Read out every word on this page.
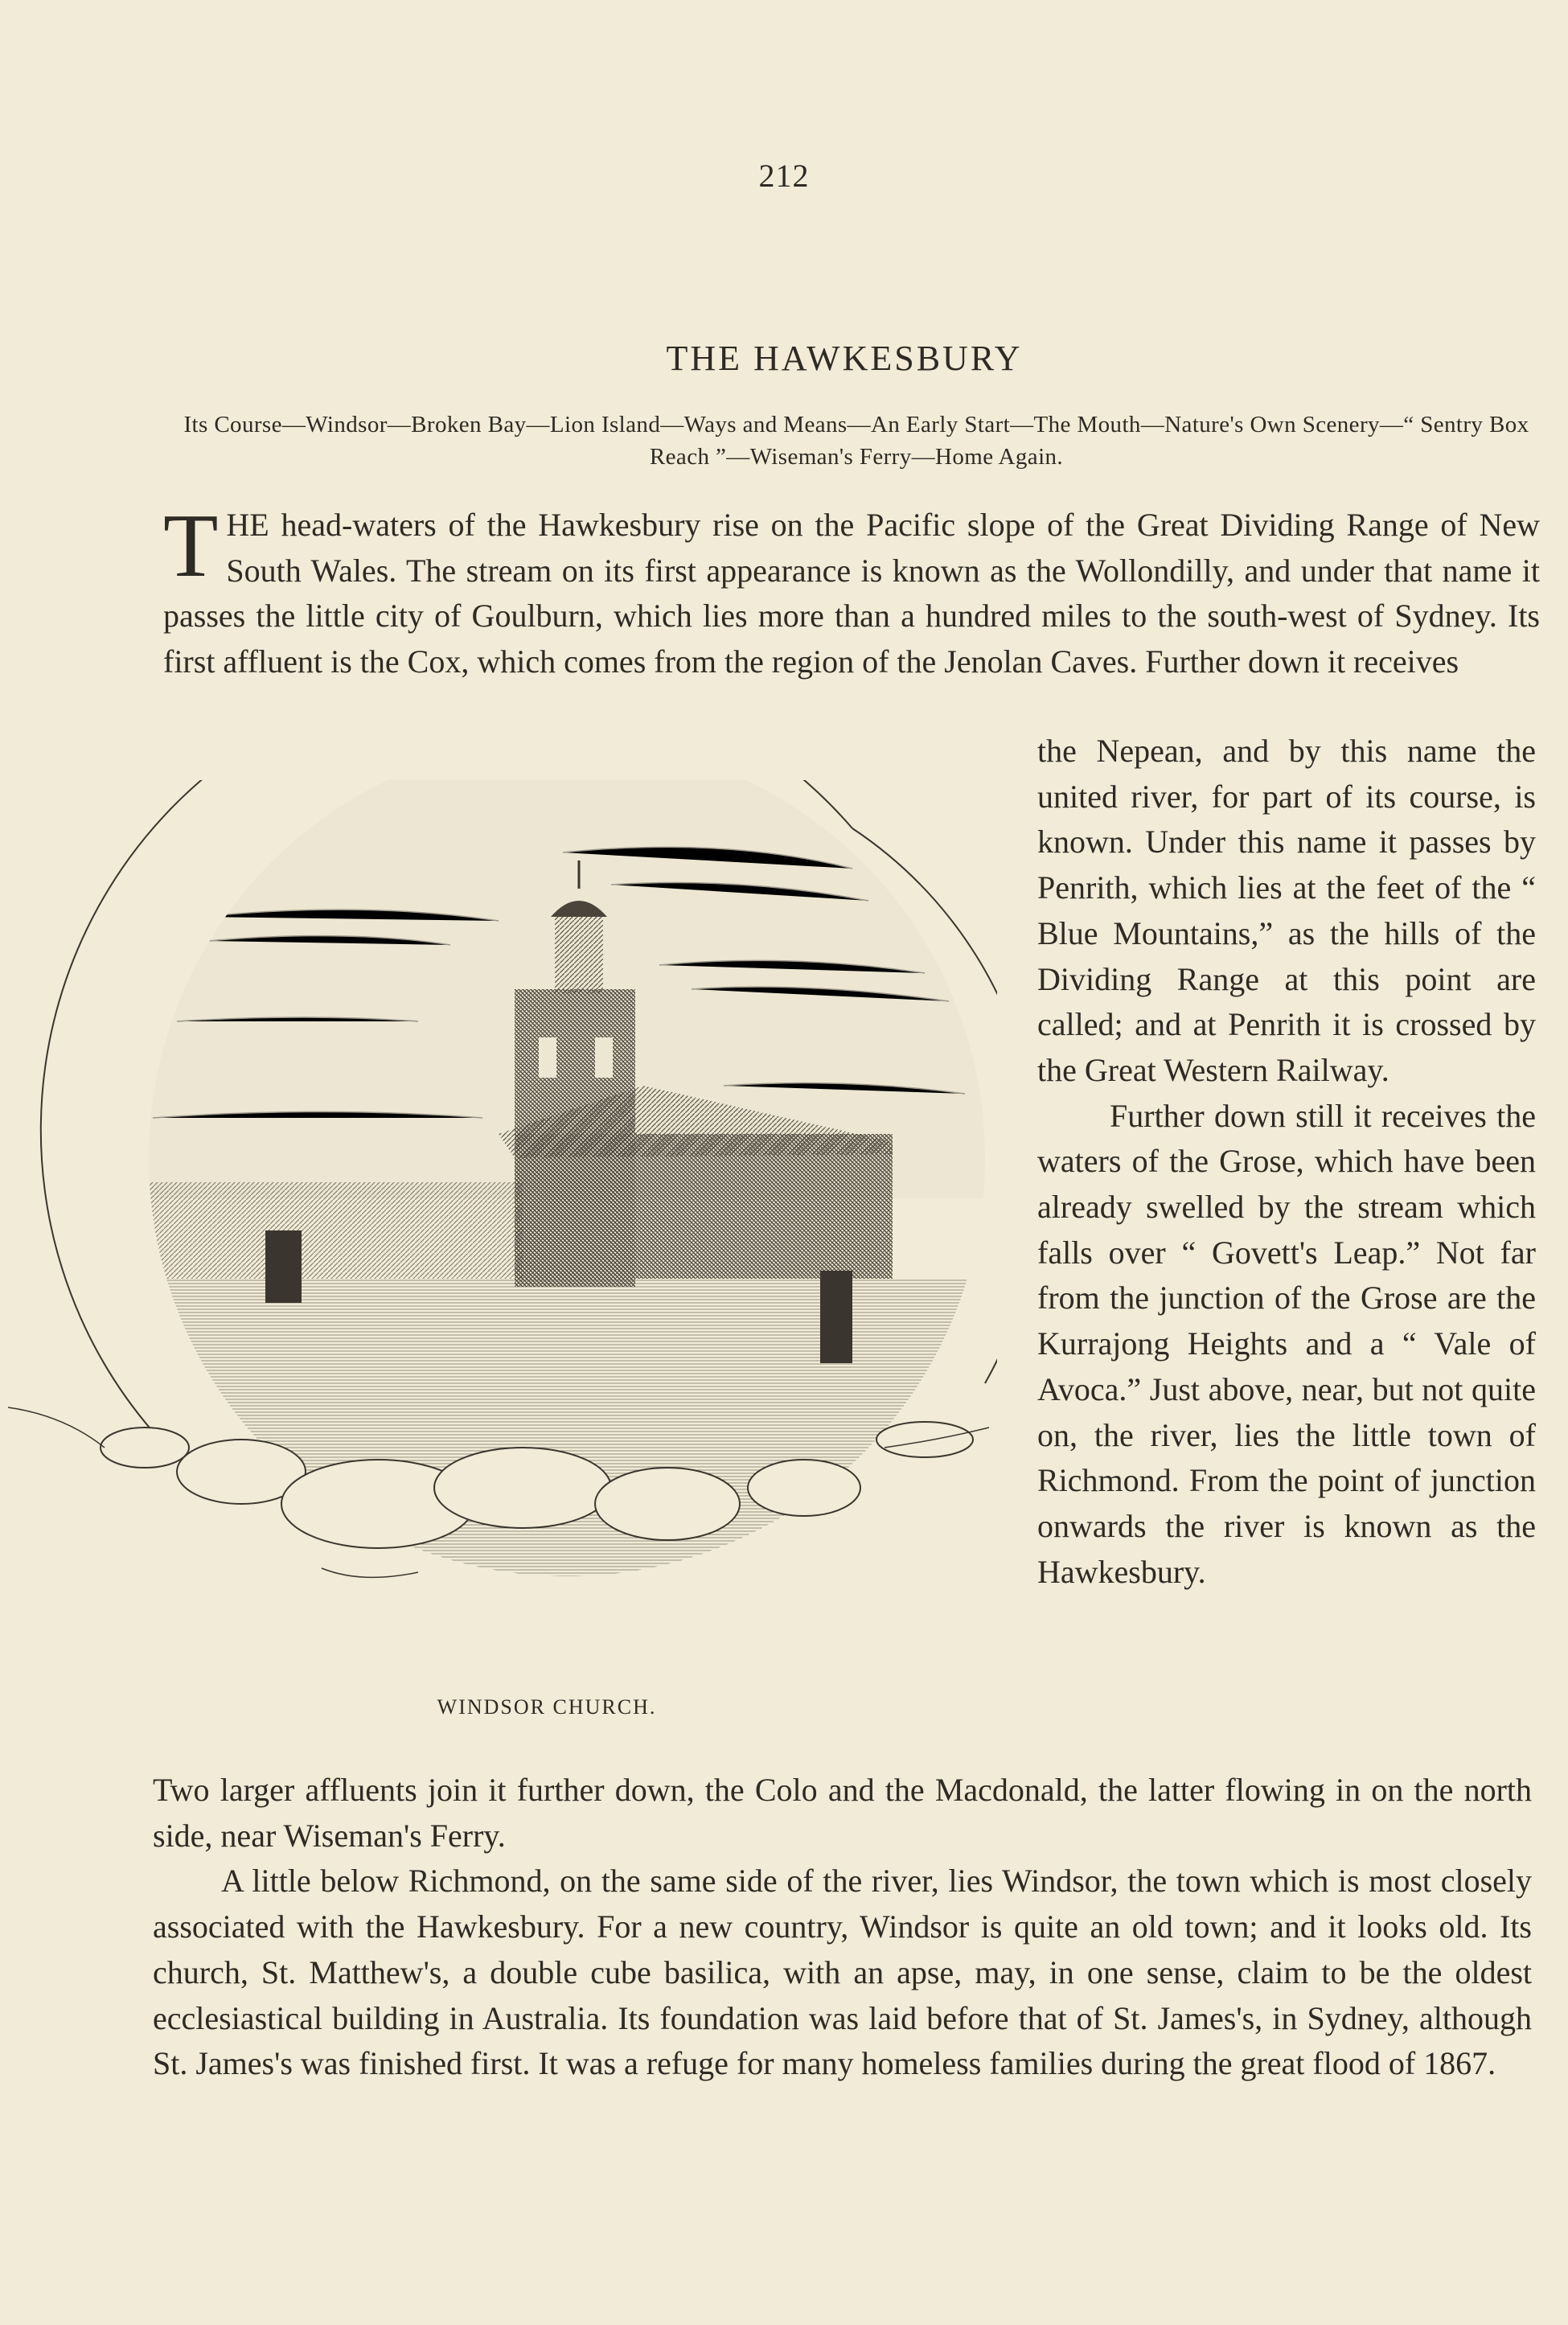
212
THE HAWKESBURY
Its Course—Windsor—Broken Bay—Lion Island—Ways and Means—An Early Start—The Mouth—Nature's Own Scenery—“ Sentry Box Reach ”—Wiseman's Ferry—Home Again.
T HE head-waters of the Hawkesbury rise on the Pacific slope of the Great Dividing Range of New South Wales. The stream on its first appearance is known as the Wollondilly, and under that name it passes the little city of Goulburn, which lies more than a hundred miles to the south-west of Sydney. Its first affluent is the Cox, which comes from the region of the Jenolan Caves. Further down it receives
WINDSOR CHURCH.

the Nepean, and by this name the united river, for part of its course, is known. Under this name it passes by Penrith, which lies at the feet of the “ Blue Mountains,” as the hills of the Dividing Range at this point are called; and at Penrith it is crossed by the Great Western Railway.

Further down still it receives the waters of the Grose, which have been already swelled by the stream which falls over “ Govett's Leap.” Not far from the junction of the Grose are the Kurrajong Heights and a “ Vale of Avoca.” Just above, near, but not quite on, the river, lies the little town of Richmond. From the point of junction onwards the river is known as the Hawkesbury.

Two larger affluents join it further down, the Colo and the Macdonald, the latter flowing in on the north side, near Wiseman's Ferry.

A little below Richmond, on the same side of the river, lies Windsor, the town which is most closely associated with the Hawkesbury. For a new country, Windsor is quite an old town; and it looks old. Its church, St. Matthew's, a double cube basilica, with an apse, may, in one sense, claim to be the oldest ecclesiastical building in Australia. Its foundation was laid before that of St. James's, in Sydney, although St. James's was finished first. It was a refuge for many homeless families during the great flood of 1867.
